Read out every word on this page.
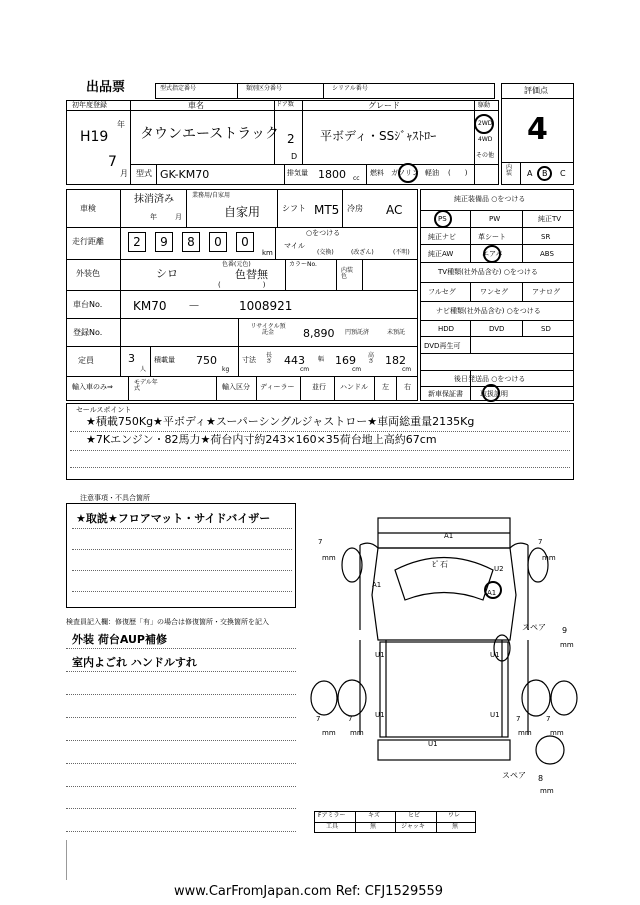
出品票	型式指定番号	類別区分番号	シリアル番号
初年度登録
H19
年
7
月
車名
タウンエーストラック
ドア数
2
D
グレード
平ボディ・SSｼﾞｬｽﾄﾛｰ
駆動
2WD
4WD
その他
型式 GK-KM70	排気量 1800 cc
燃料 ガソリン 軽油 (　　)
評価点
4
内装	A B C
車検
抹消済み
年	月
業務用/自家用
自家用	シフト MT5 冷房 AC
走行距離	2	9	8	0	0
km
○をつける
マイル
(交換)	(改ざん)	(不明)
外装色	シロ
色番(元色)
色替無
(　　　　　　)
カラーNo.
内装色
車台No.	KM70 －	1008921
登録No.
リサイクル預託金	8,890 円預託済	未預託
定員	3
人
積載量 750
kg
寸法
長さ 443
cm
幅 169
cm
高さ 182
cm
輸入車のみ⇒
モデル年式	輸入区分 ディーラー	並行 ハンドル 左 右
純正装備品 ○をつける
PS	PW	純正TV
純正ナビ	革シート	SR
純正AW	エアバ	ABS
TV種類(社外品含む) ○をつける
フルセグ	ワンセグ	アナログ
ナビ種類(社外品含む) ○をつける
HDD	DVD	SD
DVD再生可
後日発送品 ○をつける
新車保証書 取扱説明
セールスポイント
★積載750Kg★平ボディ★スーパーシングルジャストロー★車両総重量2135Kg
★7Kエンジン・82馬力★荷台内寸約243×160×35荷台地上高約67cm
注意事項・不具合箇所
★取説★フロアマット・サイドバイザー
検査員記入欄：修復歴「有」の場合は修復箇所・交換箇所を記入
外装 荷台AUP補修
室内よごれ ハンドルすれ
A1
A1
A1
U2
ﾋﾟ石
U1	U1
U1	U1
U1
7
mm
7
mm
7
mm
7
mm
7
mm
7
mm
スペア 9
mm
スペア 8
mm
Fアミラー	キズ	ヒビ	ワレ
工具	無	ジャッキ	無
www.CarFromJapan.com Ref: CFJ1529559
